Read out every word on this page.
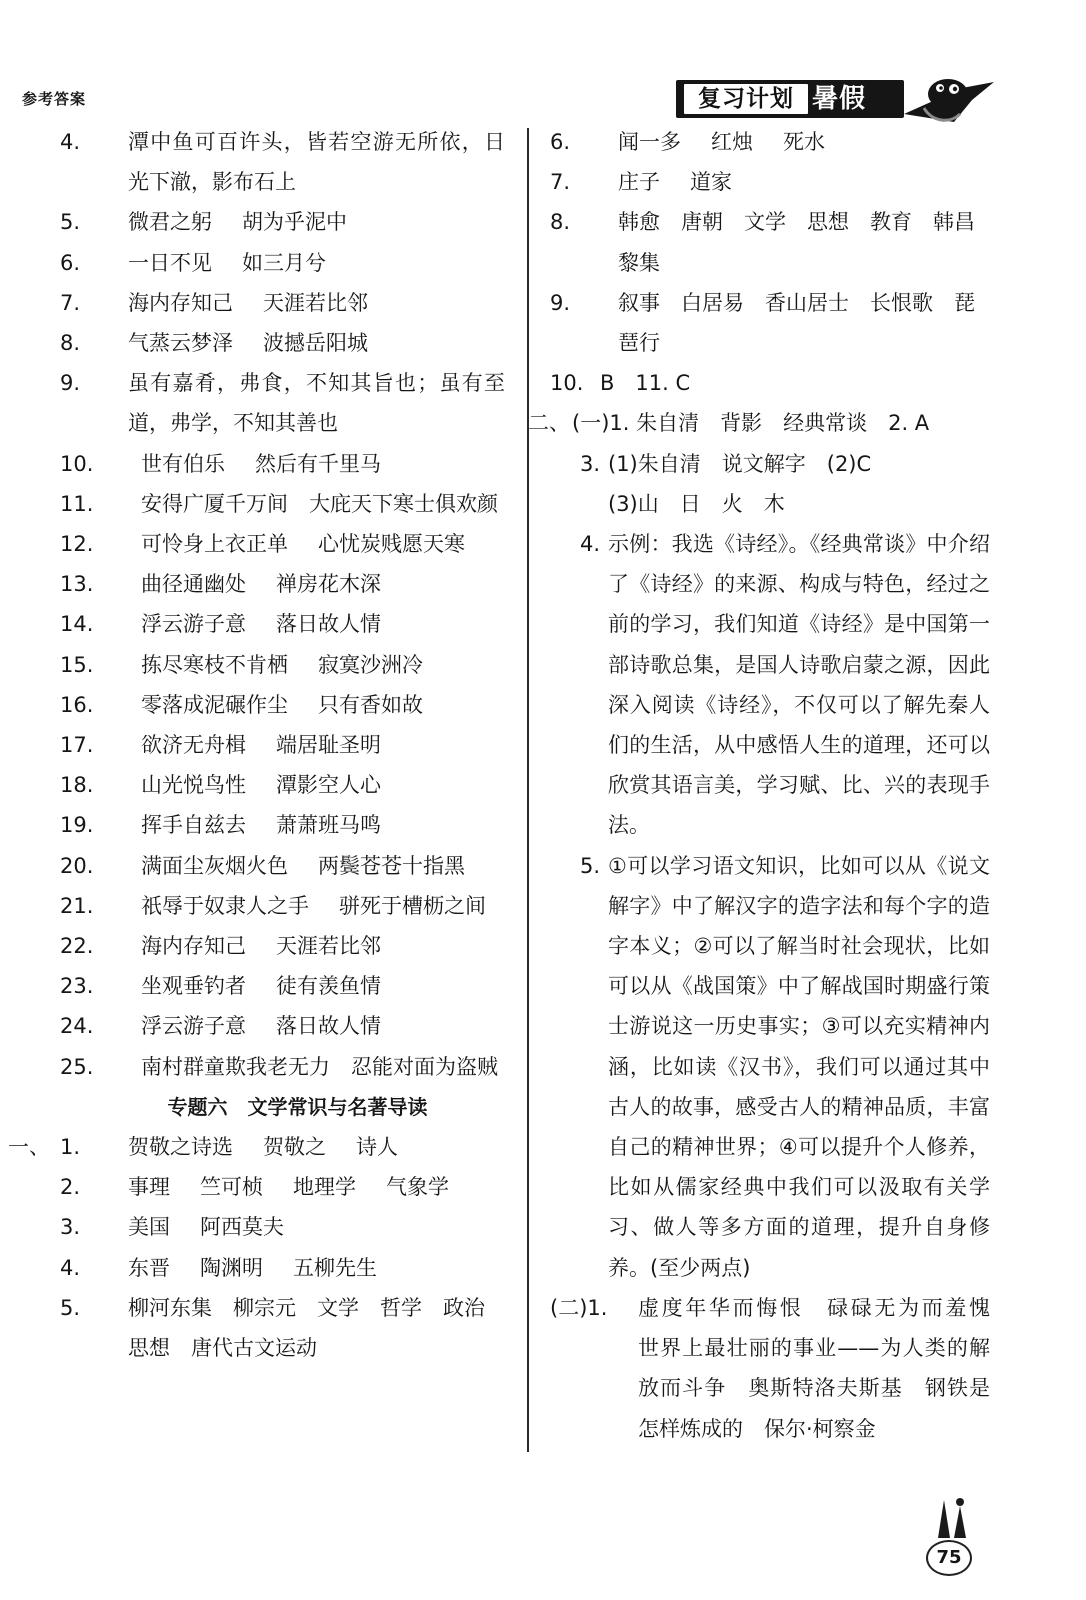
参考答案	复习计划 暑假
4. 潭中鱼可百许头，皆若空游无所依，日光下澈，影布石上
5. 微君之躬 胡为乎泥中
6. 一日不见 如三月兮
7. 海内存知己 天涯若比邻
8. 气蒸云梦泽 波撼岳阳城
9. 虽有嘉肴，弗食，不知其旨也；虽有至道，弗学，不知其善也
10. 世有伯乐 然后有千里马
11. 安得广厦千万间　大庇天下寒士俱欢颜
12. 可怜身上衣正单 心忧炭贱愿天寒
13. 曲径通幽处 禅房花木深
14. 浮云游子意 落日故人情
15. 拣尽寒枝不肯栖 寂寞沙洲冷
16. 零落成泥碾作尘 只有香如故
17. 欲济无舟楫 端居耻圣明
18. 山光悦鸟性 潭影空人心
19. 挥手自兹去 萧萧班马鸣
20. 满面尘灰烟火色 两鬓苍苍十指黑
21. 祇辱于奴隶人之手 骈死于槽枥之间
22. 海内存知己 天涯若比邻
23. 坐观垂钓者 徒有羡鱼情
24. 浮云游子意 落日故人情
25. 南村群童欺我老无力　忍能对面为盗贼
专题六　文学常识与名著导读
一、 1. 贺敬之诗选 贺敬之 诗人
2. 事理 竺可桢 地理学 气象学
3. 美国 阿西莫夫
4. 东晋 陶渊明 五柳先生
5. 柳河东集　柳宗元　文学　哲学　政治　思想　唐代古文运动
6. 闻一多 红烛 死水
7. 庄子 道家
8. 韩愈　唐朝　文学　思想　教育　韩昌黎集
9. 叙事　白居易　香山居士　长恨歌　琵琶行
10. B　11. C
二、 (一)1. 朱自清　背影　经典常谈　2. A
3. (1)朱自清　说文解字　(2)C
(3)山　日　火　木
4. 示例：我选《诗经》。《经典常谈》中介绍了《诗经》的来源、构成与特色，经过之前的学习，我们知道《诗经》是中国第一部诗歌总集，是国人诗歌启蒙之源，因此深入阅读《诗经》，不仅可以了解先秦人们的生活，从中感悟人生的道理，还可以欣赏其语言美，学习赋、比、兴的表现手法。
5. ①可以学习语文知识，比如可以从《说文解字》中了解汉字的造字法和每个字的造字本义；②可以了解当时社会现状，比如可以从《战国策》中了解战国时期盛行策士游说这一历史事实；③可以充实精神内涵，比如读《汉书》，我们可以通过其中古人的故事，感受古人的精神品质，丰富自己的精神世界；④可以提升个人修养，比如从儒家经典中我们可以汲取有关学习、做人等多方面的道理，提升自身修养。(至少两点)
(二)1. 虚度年华而悔恨　碌碌无为而羞愧　世界上最壮丽的事业——为人类的解放而斗争　奥斯特洛夫斯基　钢铁是怎样炼成的　保尔·柯察金
75
